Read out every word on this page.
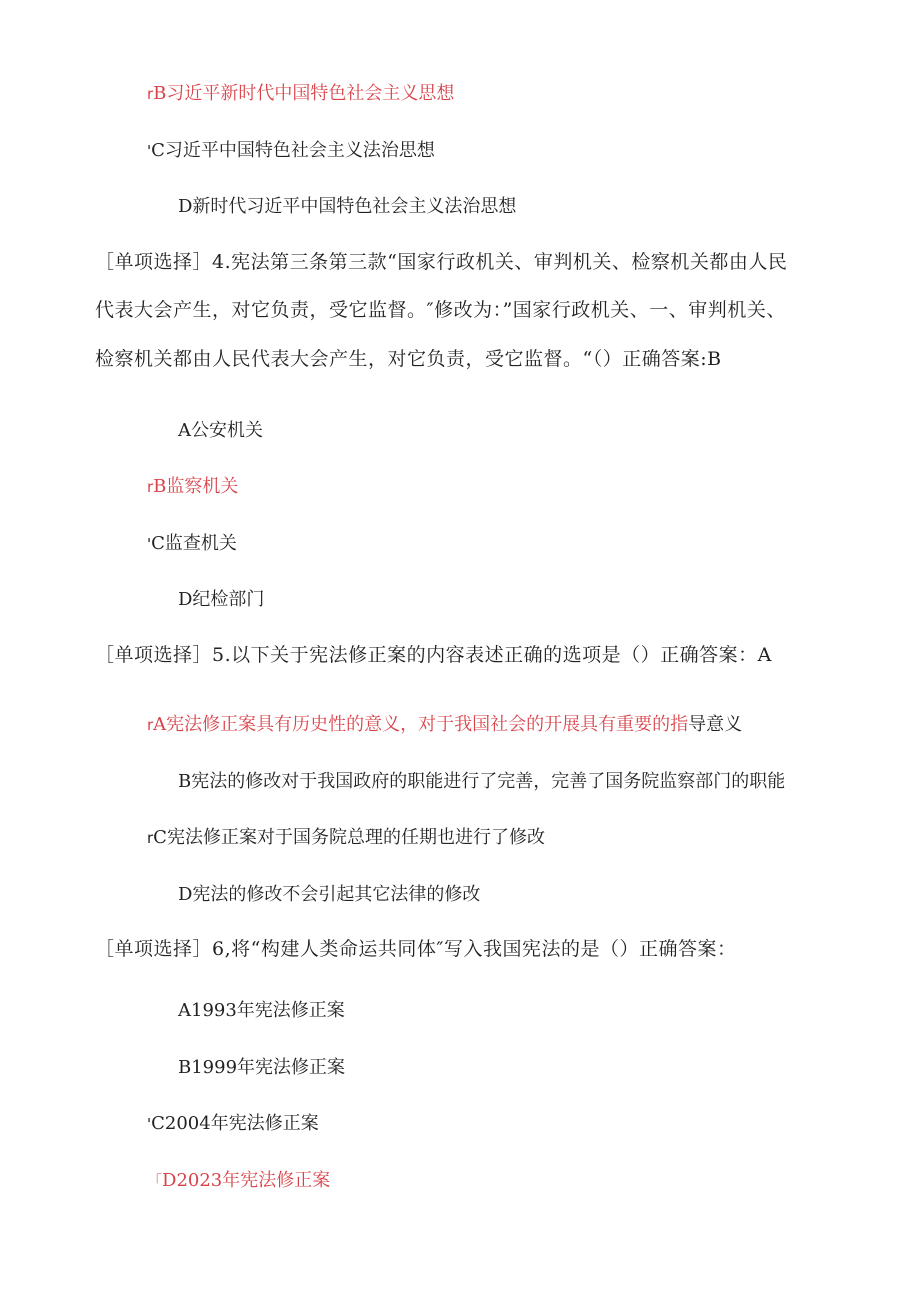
rB习近平新时代中国特色社会主义思想
'C习近平中国特色社会主义法治思想
D新时代习近平中国特色社会主义法治思想
［单项选择］4.宪法第三条第三款“国家行政机关、审判机关、检察机关都由人民
代表大会产生，对它负责，受它监督。″修改为：”国家行政机关、一、审判机关、
检察机关都由人民代表大会产生，对它负责，受它监督。“（）正确答案:B
A公安机关
rB监察机关
'C监查机关
D纪检部门
［单项选择］5.以下关于宪法修正案的内容表述正确的选项是（）正确答案：A
rA宪法修正案具有历史性的意义，对于我国社会的开展具有重要的指导意义
B宪法的修改对于我国政府的职能进行了完善，完善了国务院监察部门的职能
rC宪法修正案对于国务院总理的任期也进行了修改
D宪法的修改不会引起其它法律的修改
［单项选择］6,将“构建人类命运共同体″写入我国宪法的是（）正确答案：
A1993年宪法修正案
B1999年宪法修正案
'C2004年宪法修正案
「D2023年宪法修正案
